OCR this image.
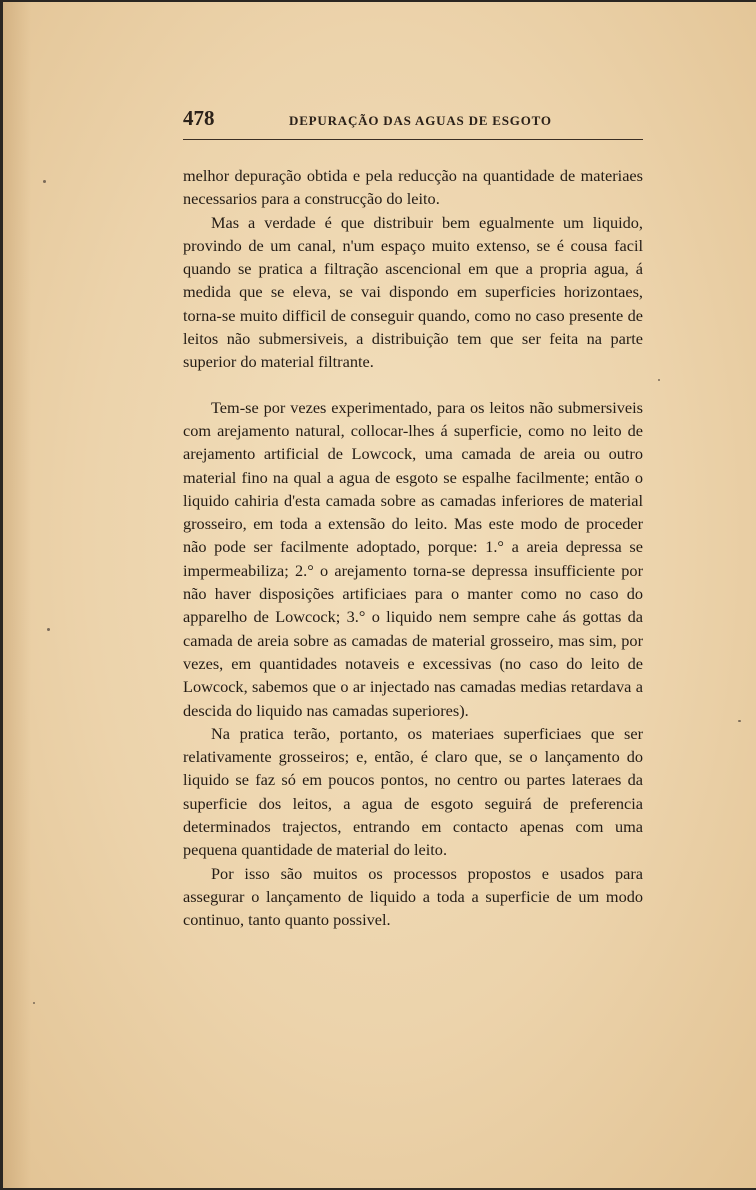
478	DEPURAÇÃO DAS AGUAS DE ESGOTO

melhor depuração obtida e pela reducção na quantidade de materiaes necessarios para a construcção do leito.

Mas a verdade é que distribuir bem egualmente um liquido, provindo de um canal, n'um espaço muito extenso, se é cousa facil quando se pratica a filtração ascencional em que a propria agua, á medida que se eleva, se vai dispondo em superficies horizontaes, torna-se muito difficil de conseguir quando, como no caso presente de leitos não submersiveis, a distribuição tem que ser feita na parte superior do material filtrante.

Tem-se por vezes experimentado, para os leitos não submersiveis com arejamento natural, collocar-lhes á superficie, como no leito de arejamento artificial de Lowcock, uma camada de areia ou outro material fino na qual a agua de esgoto se espalhe facilmente; então o liquido cahiria d'esta camada sobre as camadas inferiores de material grosseiro, em toda a extensão do leito. Mas este modo de proceder não pode ser facilmente adoptado, porque: 1.° a areia depressa se impermeabiliza; 2.° o arejamento torna-se depressa insufficiente por não haver disposições artificiaes para o manter como no caso do apparelho de Lowcock; 3.° o liquido nem sempre cahe ás gottas da camada de areia sobre as camadas de material grosseiro, mas sim, por vezes, em quantidades notaveis e excessivas (no caso do leito de Lowcock, sabemos que o ar injectado nas camadas medias retardava a descida do liquido nas camadas superiores).

Na pratica terão, portanto, os materiaes superficiaes que ser relativamente grosseiros; e, então, é claro que, se o lançamento do liquido se faz só em poucos pontos, no centro ou partes lateraes da superficie dos leitos, a agua de esgoto seguirá de preferencia determinados trajectos, entrando em contacto apenas com uma pequena quantidade de material do leito.

Por isso são muitos os processos propostos e usados para assegurar o lançamento de liquido a toda a superficie de um modo continuo, tanto quanto possivel.
